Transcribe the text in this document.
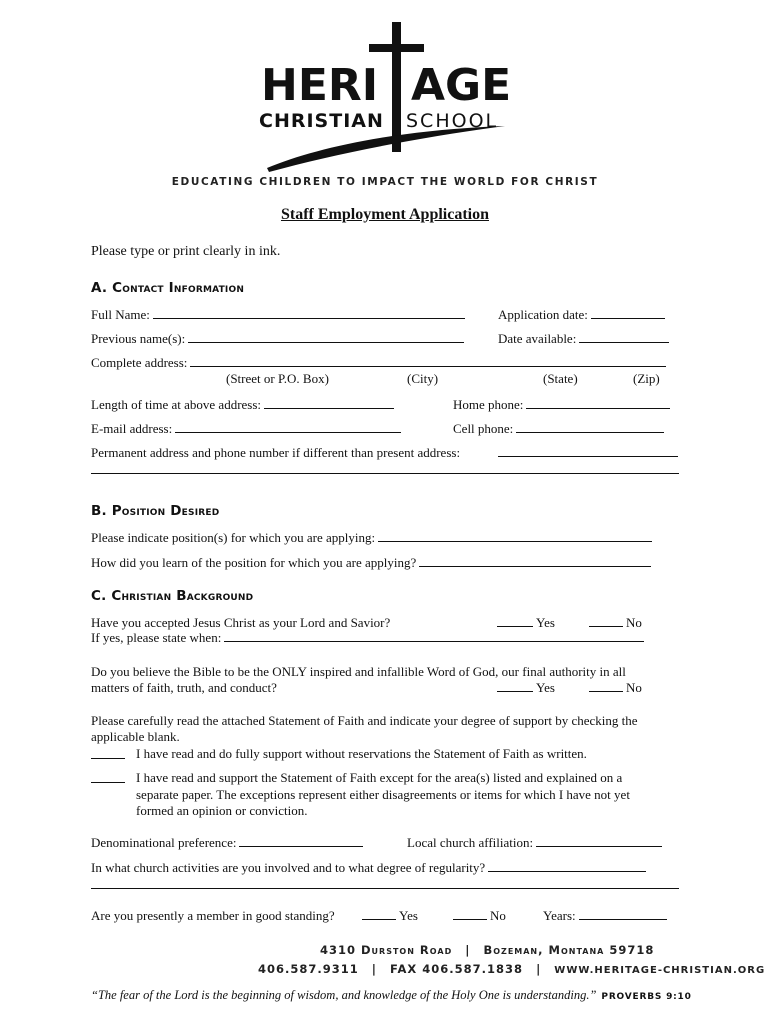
HERI AGE
CHRISTIAN SCHOOL
EDUCATING CHILDREN TO IMPACT THE WORLD FOR CHRIST
Staff Employment Application
Please type or print clearly in ink.
A. Contact Information
Full Name:	Application date:
Previous name(s):	Date available:
Complete address:
(Street or P.O. Box)	(City)	(State)	(Zip)
Length of time at above address:	Home phone:
E-mail address:	Cell phone:
Permanent address and phone number if different than present address:
B. Position Desired
Please indicate position(s) for which you are applying:
How did you learn of the position for which you are applying?
C. Christian Background
Have you accepted Jesus Christ as your Lord and Savior?	Yes	No
If yes, please state when:
Do you believe the Bible to be the ONLY inspired and infallible Word of God, our final authority in all
matters of faith, truth, and conduct?	Yes	No
Please carefully read the attached Statement of Faith and indicate your degree of support by checking the
applicable blank.
I have read and do fully support without reservations the Statement of Faith as written.
I have read and support the Statement of Faith except for the area(s) listed and explained on a
separate paper. The exceptions represent either disagreements or items for which I have not yet
formed an opinion or conviction.
Denominational preference:	Local church affiliation:
In what church activities are you involved and to what degree of regularity?
Are you presently a member in good standing?	Yes	No	Years:
4310 Durston Road | Bozeman, Montana 59718
406.587.9311 | FAX 406.587.1838 | WWW.HERITAGE-CHRISTIAN.ORG
“The fear of the Lord is the beginning of wisdom, and knowledge of the Holy One is understanding.” PROVERBS 9:10
